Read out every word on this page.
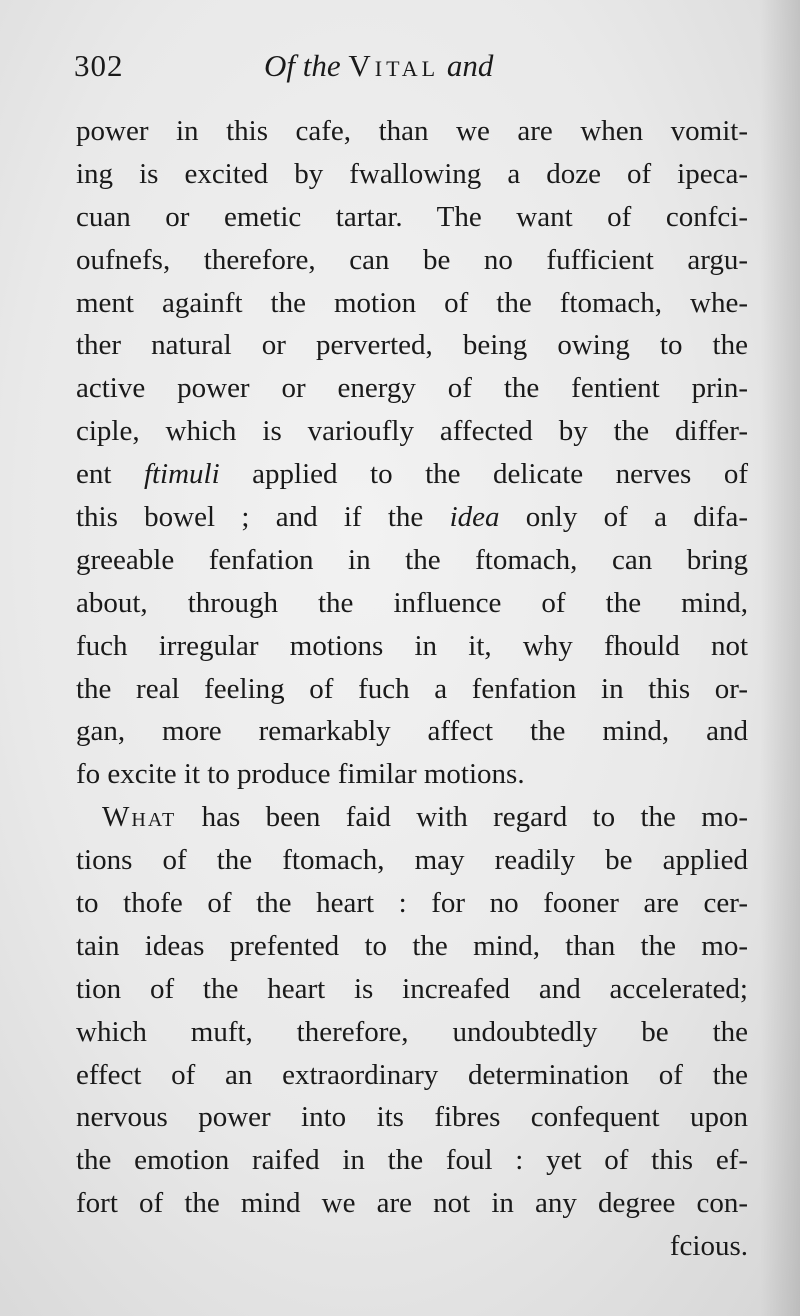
302	Of the Vital and
power in this cafe, than we are when vomit-
ing is excited by fwallowing a doze of ipeca-
cuan or emetic tartar. The want of confci-
oufnefs, therefore, can be no fufficient argu-
ment againft the motion of the ftomach, whe-
ther natural or perverted, being owing to the
active power or energy of the fentient prin-
ciple, which is varioufly affected by the differ-
ent ftimuli applied to the delicate nerves of
this bowel ; and if the idea only of a difa-
greeable fenfation in the ftomach, can bring
about, through the influence of the mind,
fuch irregular motions in it, why fhould not
the real feeling of fuch a fenfation in this or-
gan, more remarkably affect the mind, and
fo excite it to produce fimilar motions.
What has been faid with regard to the mo-
tions of the ftomach, may readily be applied
to thofe of the heart : for no fooner are cer-
tain ideas prefented to the mind, than the mo-
tion of the heart is increafed and accelerated;
which muft, therefore, undoubtedly be the
effect of an extraordinary determination of the
nervous power into its fibres confequent upon
the emotion raifed in the foul : yet of this ef-
fort of the mind we are not in any degree con-
fcious.
